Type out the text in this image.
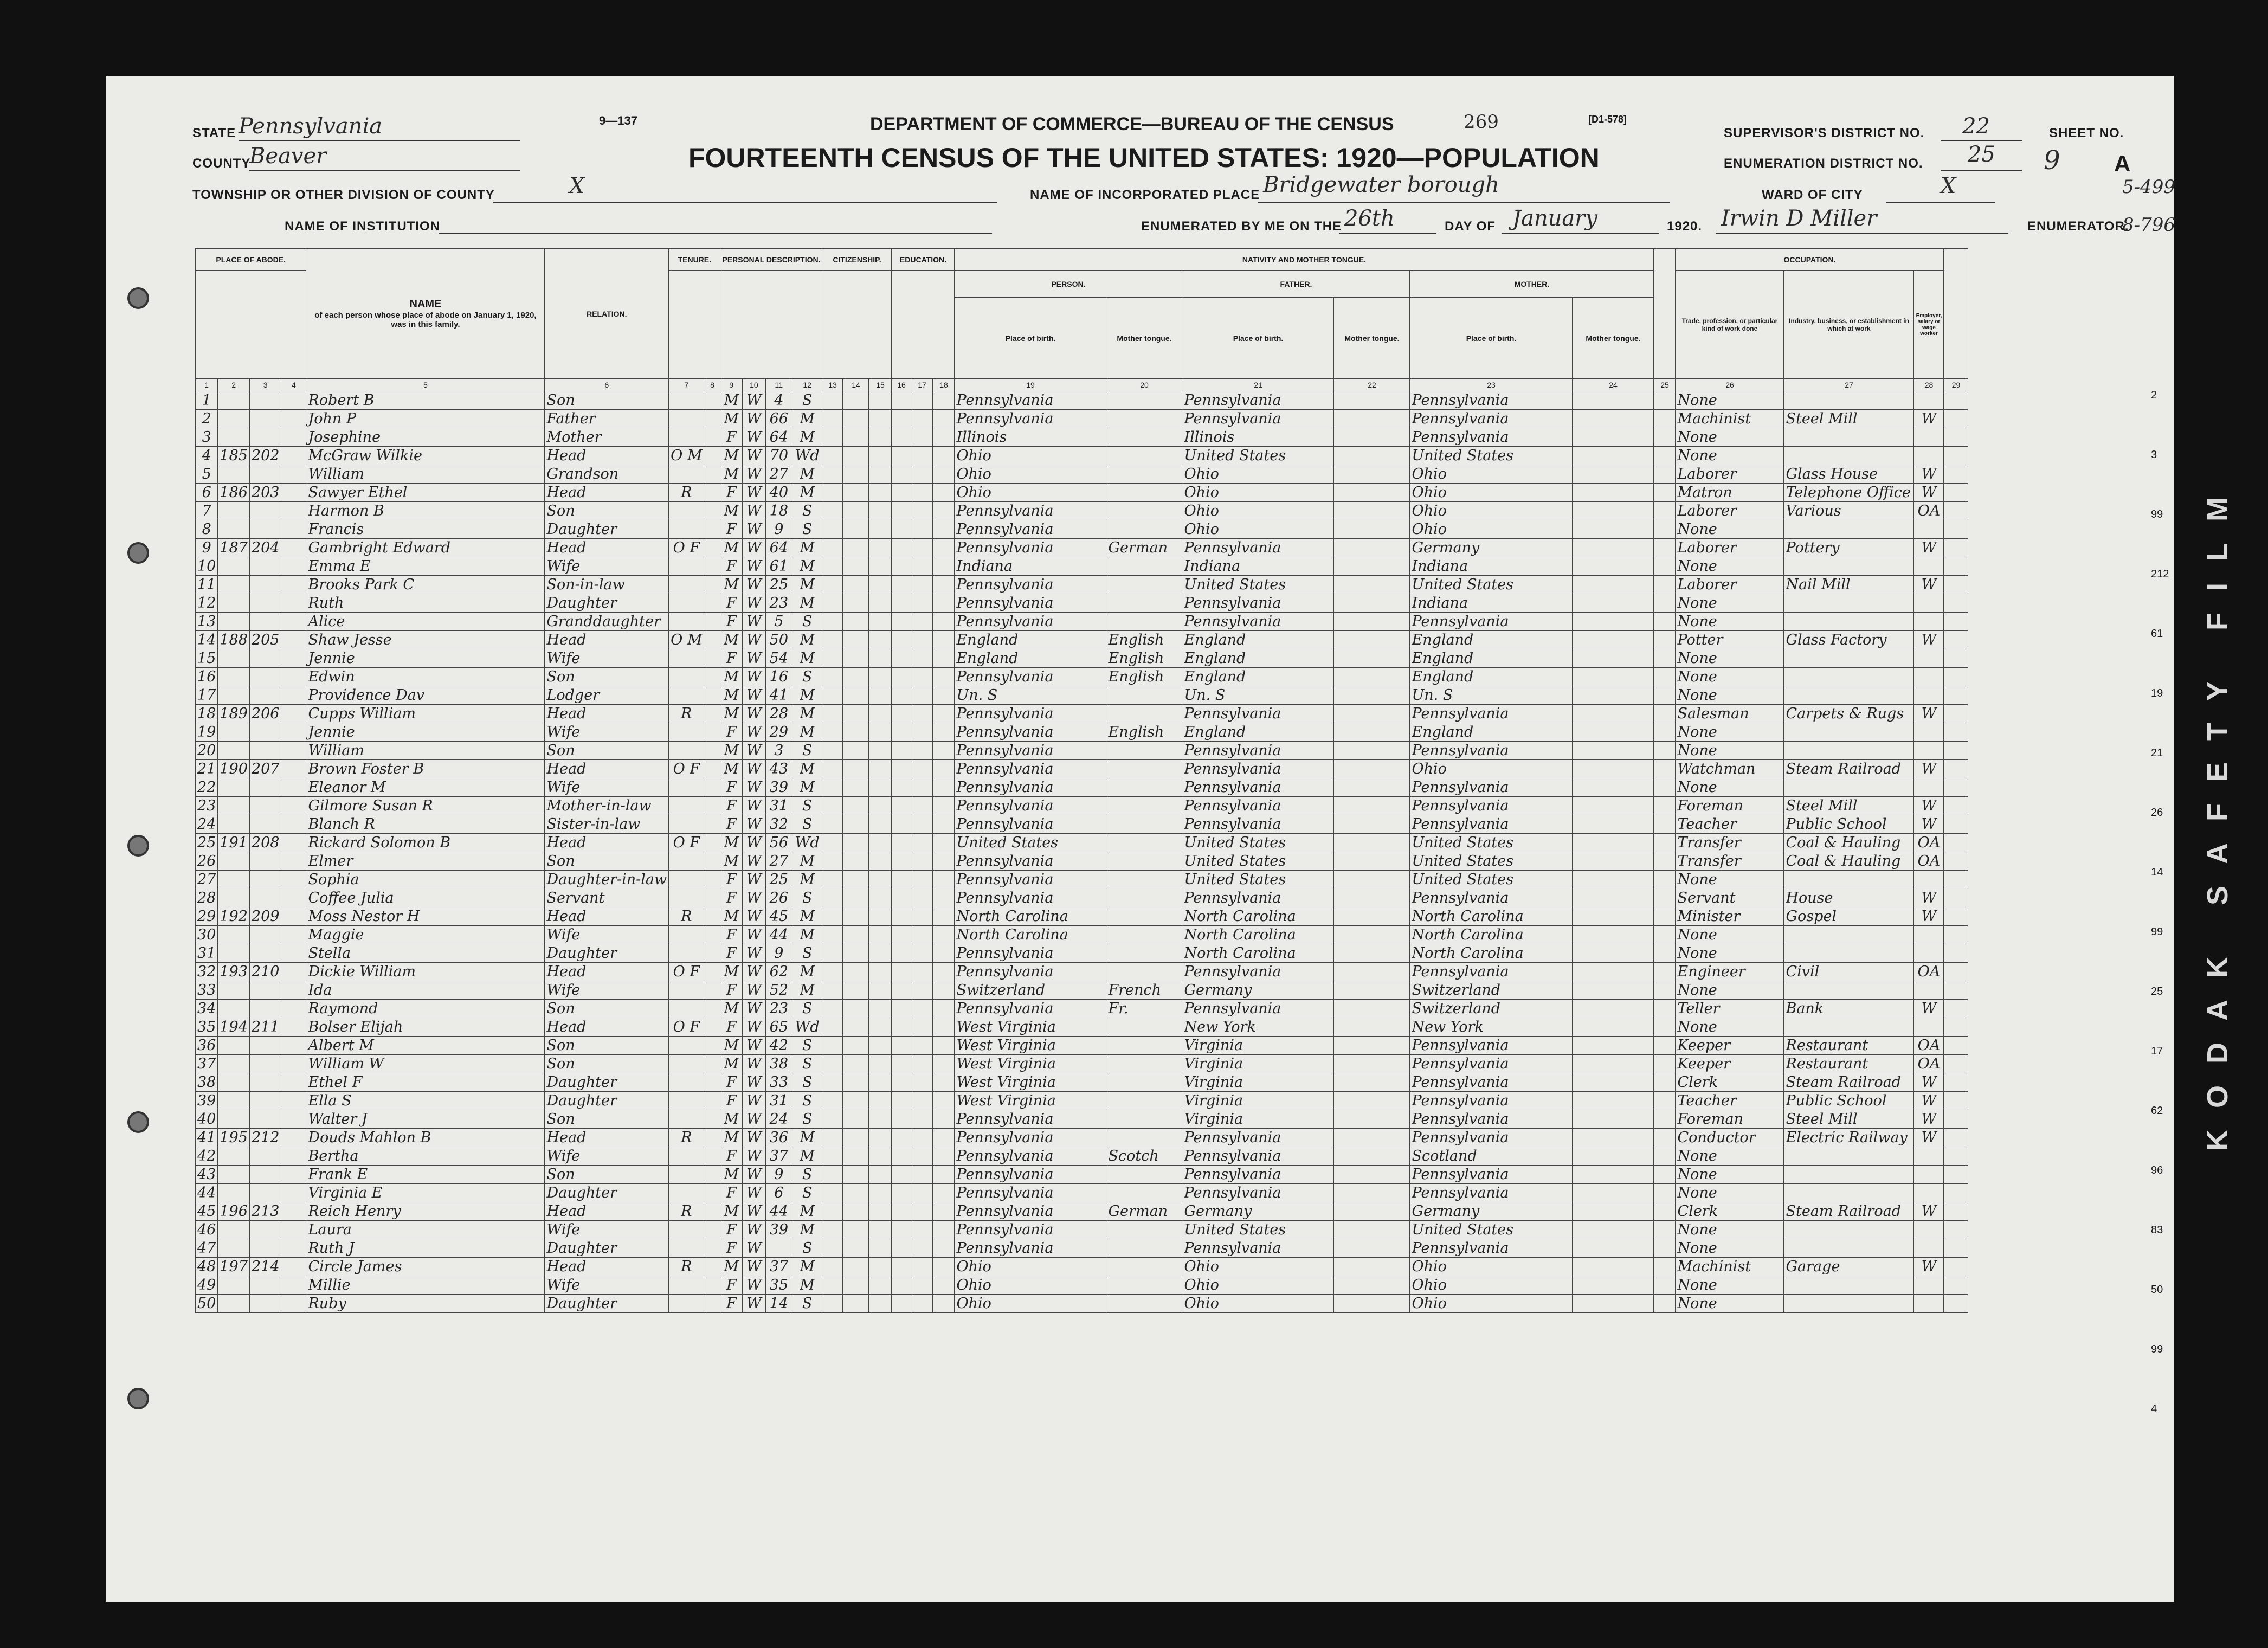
KODAK SAFETY FILM
STATE Pennsylvania
COUNTY
Beaver
TOWNSHIP OR OTHER DIVISION OF COUNTY	X
NAME OF INSTITUTION
9—137	DEPARTMENT OF COMMERCE—BUREAU OF THE CENSUS	269	[D1-578]
FOURTEENTH CENSUS OF THE UNITED STATES: 1920—POPULATION
NAME OF INCORPORATED PLACE Bridgewater borough	WARD OF CITY	X
ENUMERATED BY ME ON THE 26th	DAY OF January	1920. Irwin D Miller	ENUMERATOR.
SUPERVISOR'S DISTRICT NO. 22
ENUMERATION DISTRICT NO. 25
SHEET NO.
9 A
5-499
8-796
PLACE OF ABODE.				NAME
of each person whose place of abode on January 1, 1920, was in this family.	RELATION.	TENURE.		PERSONAL DESCRIPTION.				CITIZENSHIP.			EDUCATION.			NATIVITY AND MOTHER TONGUE.							OCCUPATION.			
																		PERSON.		FATHER.		MOTHER.			Trade, profession, or particular kind of work done	Industry, business, or establishment in which at work	Employer, salary or wage worker	
																		Place of birth.	Mother tongue.	Place of birth.	Mother tongue.	Place of birth.	Mother tongue.					
1	2	3	4	5	6	7	8	9	10	11	12	13	14	15	16	17	18	19	20	21	22	23	24	25	26	27	28	29
1				Robert B	Son			M	W	4	S							Pennsylvania		Pennsylvania		Pennsylvania			None			
2				John P	Father			M	W	66	M							Pennsylvania		Pennsylvania		Pennsylvania			Machinist	Steel Mill	W	
3				Josephine	Mother			F	W	64	M							Illinois		Illinois		Pennsylvania			None			
4	185	202		McGraw Wilkie	Head	O M		M	W	70	Wd							Ohio		United States		United States			None			
5				William	Grandson			M	W	27	M							Ohio		Ohio		Ohio			Laborer	Glass House	W	
6	186	203		Sawyer Ethel	Head	R		F	W	40	M							Ohio		Ohio		Ohio			Matron	Telephone Office	W	
7				Harmon B	Son			M	W	18	S							Pennsylvania		Ohio		Ohio			Laborer	Various	OA	
8				Francis	Daughter			F	W	9	S							Pennsylvania		Ohio		Ohio			None			
9	187	204		Gambright Edward	Head	O F		M	W	64	M							Pennsylvania	German	Pennsylvania		Germany			Laborer	Pottery	W	
10				Emma E	Wife			F	W	61	M							Indiana		Indiana		Indiana			None			
11				Brooks Park C	Son-in-law			M	W	25	M							Pennsylvania		United States		United States			Laborer	Nail Mill	W	
12				Ruth	Daughter			F	W	23	M							Pennsylvania		Pennsylvania		Indiana			None			
13				Alice	Granddaughter			F	W	5	S							Pennsylvania		Pennsylvania		Pennsylvania			None			
14	188	205		Shaw Jesse	Head	O M		M	W	50	M							England	English	England		England			Potter	Glass Factory	W	
15				Jennie	Wife			F	W	54	M							England	English	England		England			None			
16				Edwin	Son			M	W	16	S							Pennsylvania	English	England		England			None			
17				Providence Dav	Lodger			M	W	41	M							Un. S		Un. S		Un. S			None			
18	189	206		Cupps William	Head	R		M	W	28	M							Pennsylvania		Pennsylvania		Pennsylvania			Salesman	Carpets & Rugs	W	
19				Jennie	Wife			F	W	29	M							Pennsylvania	English	England		England			None			
20				William	Son			M	W	3	S							Pennsylvania		Pennsylvania		Pennsylvania			None			
21	190	207		Brown Foster B	Head	O F		M	W	43	M							Pennsylvania		Pennsylvania		Ohio			Watchman	Steam Railroad	W	
22				Eleanor M	Wife			F	W	39	M							Pennsylvania		Pennsylvania		Pennsylvania			None			
23				Gilmore Susan R	Mother-in-law			F	W	31	S							Pennsylvania		Pennsylvania		Pennsylvania			Foreman	Steel Mill	W	
24				Blanch R	Sister-in-law			F	W	32	S							Pennsylvania		Pennsylvania		Pennsylvania			Teacher	Public School	W	
25	191	208		Rickard Solomon B	Head	O F		M	W	56	Wd							United States		United States		United States			Transfer	Coal & Hauling	OA	
26				Elmer	Son			M	W	27	M							Pennsylvania		United States		United States			Transfer	Coal & Hauling	OA	
27				Sophia	Daughter-in-law			F	W	25	M							Pennsylvania		United States		United States			None			
28				Coffee Julia	Servant			F	W	26	S							Pennsylvania		Pennsylvania		Pennsylvania			Servant	House	W	
29	192	209		Moss Nestor H	Head	R		M	W	45	M							North Carolina		North Carolina		North Carolina			Minister	Gospel	W	
30				Maggie	Wife			F	W	44	M							North Carolina		North Carolina		North Carolina			None			
31				Stella	Daughter			F	W	9	S							Pennsylvania		North Carolina		North Carolina			None			
32	193	210		Dickie William	Head	O F		M	W	62	M							Pennsylvania		Pennsylvania		Pennsylvania			Engineer	Civil	OA	
33				Ida	Wife			F	W	52	M							Switzerland	French	Germany		Switzerland			None			
34				Raymond	Son			M	W	23	S							Pennsylvania	Fr.	Pennsylvania		Switzerland			Teller	Bank	W	
35	194	211		Bolser Elijah	Head	O F		F	W	65	Wd							West Virginia		New York		New York			None			
36				Albert M	Son			M	W	42	S							West Virginia		Virginia		Pennsylvania			Keeper	Restaurant	OA	
37				William W	Son			M	W	38	S							West Virginia		Virginia		Pennsylvania			Keeper	Restaurant	OA	
38				Ethel F	Daughter			F	W	33	S							West Virginia		Virginia		Pennsylvania			Clerk	Steam Railroad	W	
39				Ella S	Daughter			F	W	31	S							West Virginia		Virginia		Pennsylvania			Teacher	Public School	W	
40				Walter J	Son			M	W	24	S							Pennsylvania		Virginia		Pennsylvania			Foreman	Steel Mill	W	
41	195	212		Douds Mahlon B	Head	R		M	W	36	M							Pennsylvania		Pennsylvania		Pennsylvania			Conductor	Electric Railway	W	
42				Bertha	Wife			F	W	37	M							Pennsylvania	Scotch	Pennsylvania		Scotland			None			
43				Frank E	Son			M	W	9	S							Pennsylvania		Pennsylvania		Pennsylvania			None			
44				Virginia E	Daughter			F	W	6	S							Pennsylvania		Pennsylvania		Pennsylvania			None			
45	196	213		Reich Henry	Head	R		M	W	44	M							Pennsylvania	German	Germany		Germany			Clerk	Steam Railroad	W	
46				Laura	Wife			F	W	39	M							Pennsylvania		United States		United States			None			
47				Ruth J	Daughter			F	W		S							Pennsylvania		Pennsylvania		Pennsylvania			None			
48	197	214		Circle James	Head	R		M	W	37	M							Ohio		Ohio		Ohio			Machinist	Garage	W	
49				Millie	Wife			F	W	35	M							Ohio		Ohio		Ohio			None			
50				Ruby	Daughter			F	W	14	S							Ohio		Ohio		Ohio			None			
2
3
99
212
61
19
21
26
14
99
25
17
62
96
83
50
99
4
